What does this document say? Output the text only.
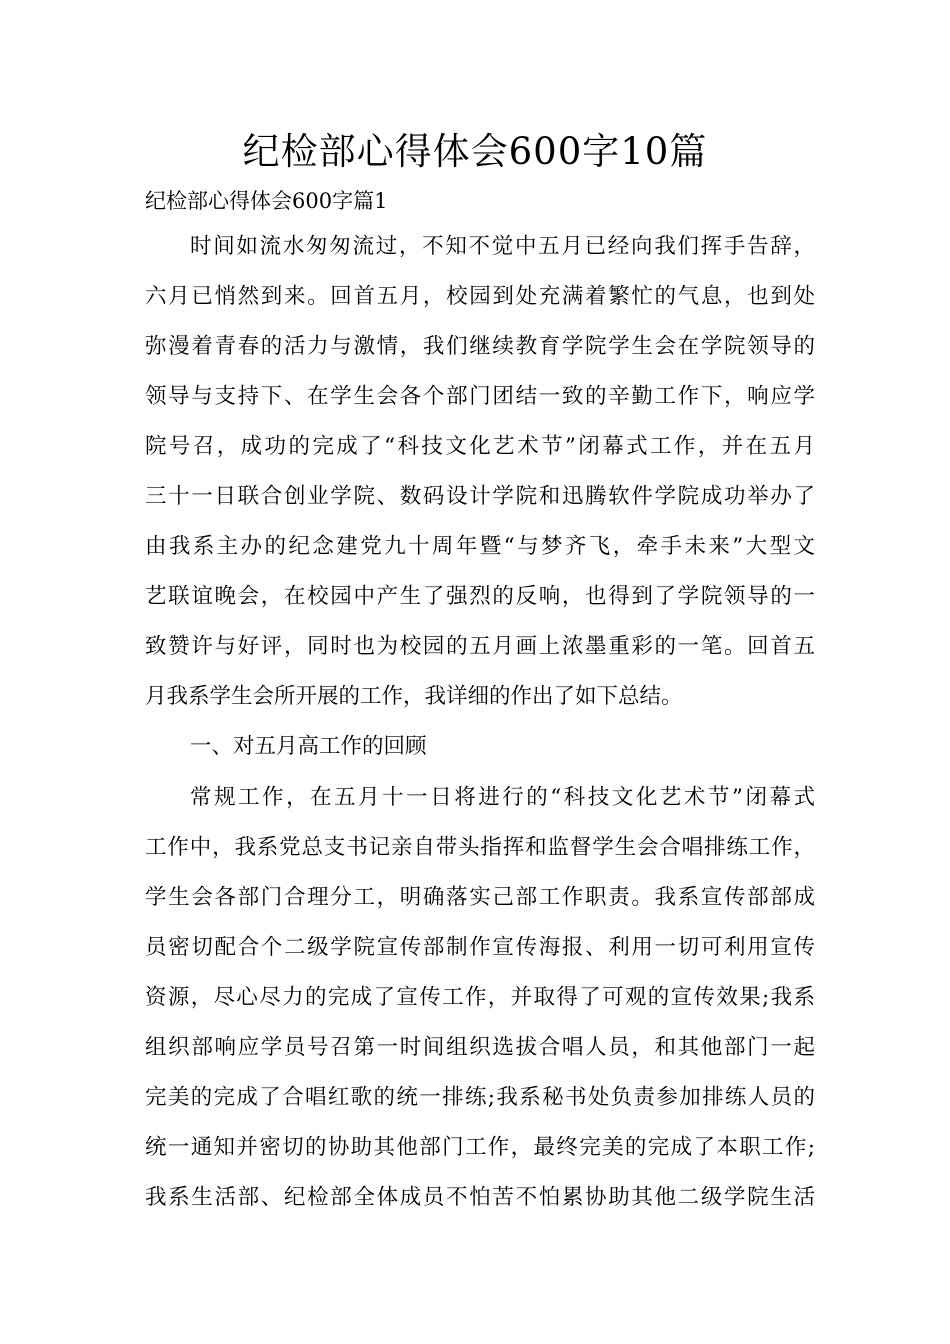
纪检部心得体会600字10篇
纪检部心得体会600字篇1
时间如流水匆匆流过，不知不觉中五月已经向我们挥手告辞，
六月已悄然到来。回首五月，校园到处充满着繁忙的气息，也到处
弥漫着青春的活力与激情，我们继续教育学院学生会在学院领导的
领导与支持下、在学生会各个部门团结一致的辛勤工作下，响应学
院号召，成功的完成了“科技文化艺术节”闭幕式工作，并在五月
三十一日联合创业学院、数码设计学院和迅腾软件学院成功举办了
由我系主办的纪念建党九十周年暨“与梦齐飞，牵手未来”大型文
艺联谊晚会，在校园中产生了强烈的反响，也得到了学院领导的一
致赞许与好评，同时也为校园的五月画上浓墨重彩的一笔。回首五
月我系学生会所开展的工作，我详细的作出了如下总结。
一、对五月高工作的回顾
常规工作，在五月十一日将进行的“科技文化艺术节”闭幕式
工作中，我系党总支书记亲自带头指挥和监督学生会合唱排练工作，
学生会各部门合理分工，明确落实己部工作职责。我系宣传部部成
员密切配合个二级学院宣传部制作宣传海报、利用一切可利用宣传
资源，尽心尽力的完成了宣传工作，并取得了可观的宣传效果;我系
组织部响应学员号召第一时间组织选拔合唱人员，和其他部门一起
完美的完成了合唱红歌的统一排练;我系秘书处负责参加排练人员的
统一通知并密切的协助其他部门工作，最终完美的完成了本职工作;
我系生活部、纪检部全体成员不怕苦不怕累协助其他二级学院生活
